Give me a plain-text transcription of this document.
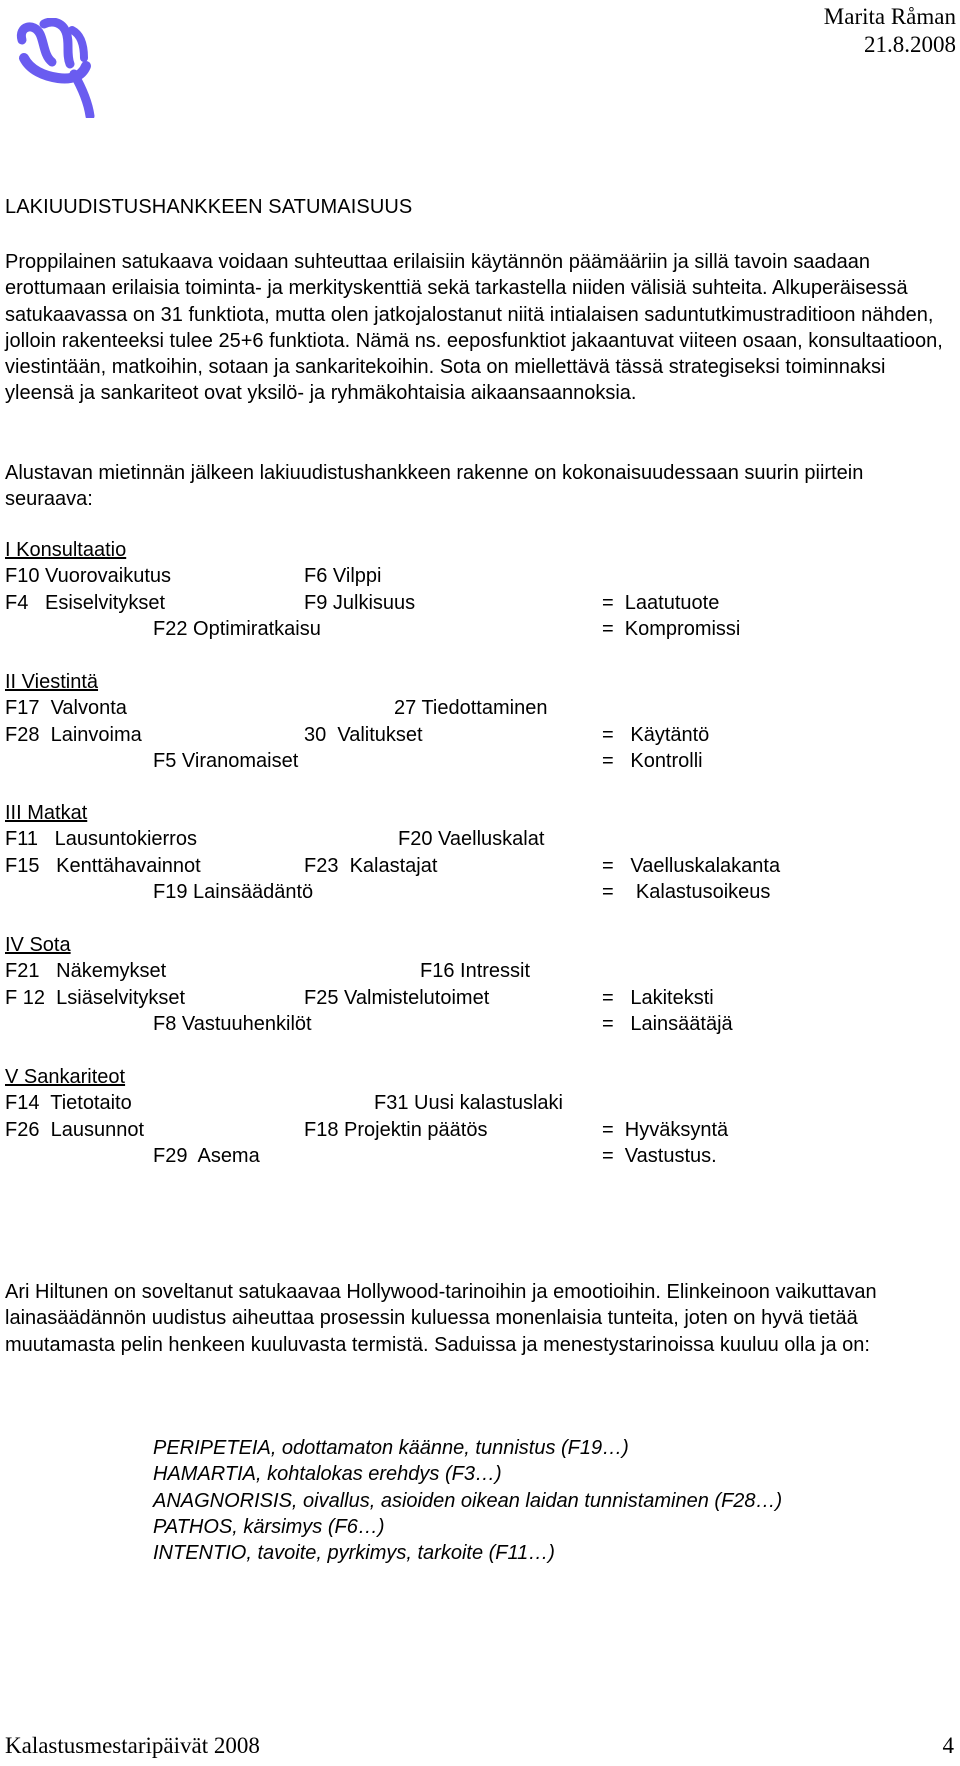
Marita Råman
21.8.2008
LAKIUUDISTUSHANKKEEN SATUMAISUUS

Proppilainen satukaava voidaan suhteuttaa erilaisiin käytännön päämääriin ja sillä tavoin saadaan erottumaan erilaisia toiminta- ja merkityskenttiä sekä tarkastella niiden välisiä suhteita. Alkuperäisessä satukaavassa on 31 funktiota, mutta olen jatkojalostanut niitä intialaisen saduntutkimustraditioon nähden, jolloin rakenteeksi tulee 25+6 funktiota. Nämä ns. eeposfunktiot jakaantuvat viiteen osaan, konsultaatioon, viestintään, matkoihin, sotaan ja sankaritekoihin. Sota on miellettävä tässä strategiseksi toiminnaksi yleensä ja sankariteot ovat yksilö- ja ryhmäkohtaisia aikaansaannoksia.

Alustavan mietinnän jälkeen lakiuudistushankkeen rakenne on kokonaisuudessaan suurin piirtein seuraava:

I Konsultaatio
F10 Vuorovaikutus	F6 Vilppi
F4   Esiselvitykset	F9 Julkisuus	=  Laatutuote
F22 Optimiratkaisu	=  Kompromissi
II Viestintä
F17  Valvonta	27 Tiedottaminen
F28  Lainvoima	30  Valitukset	=   Käytäntö
F5 Viranomaiset	=   Kontrolli
III Matkat
F11   Lausuntokierros	F20 Vaelluskalat
F15   Kenttähavainnot	F23  Kalastajat	=   Vaelluskalakanta
F19 Lainsäädäntö	=    Kalastusoikeus
IV Sota
F21   Näkemykset	F16 Intressit
F 12  Lsiäselvitykset	F25 Valmistelutoimet	=   Lakiteksti
F8 Vastuuhenkilöt	=   Lainsäätäjä
V Sankariteot
F14  Tietotaito	F31 Uusi kalastuslaki
F26  Lausunnot	F18 Projektin päätös	=  Hyväksyntä
F29  Asema	=  Vastustus.

Ari Hiltunen on soveltanut satukaavaa Hollywood-tarinoihin ja emootioihin. Elinkeinoon vaikuttavan lainasäädännön uudistus aiheuttaa prosessin kuluessa monenlaisia tunteita, joten on hyvä tietää muutamasta pelin henkeen kuuluvasta termistä. Saduissa ja menestystarinoissa kuuluu olla ja on:

PERIPETEIA, odottamaton käänne, tunnistus (F19…)
HAMARTIA, kohtalokas erehdys (F3…)
ANAGNORISIS, oivallus, asioiden oikean laidan tunnistaminen (F28…)
PATHOS, kärsimys (F6…)
INTENTIO, tavoite, pyrkimys, tarkoite (F11…)
Kalastusmestaripäivät 2008	4
